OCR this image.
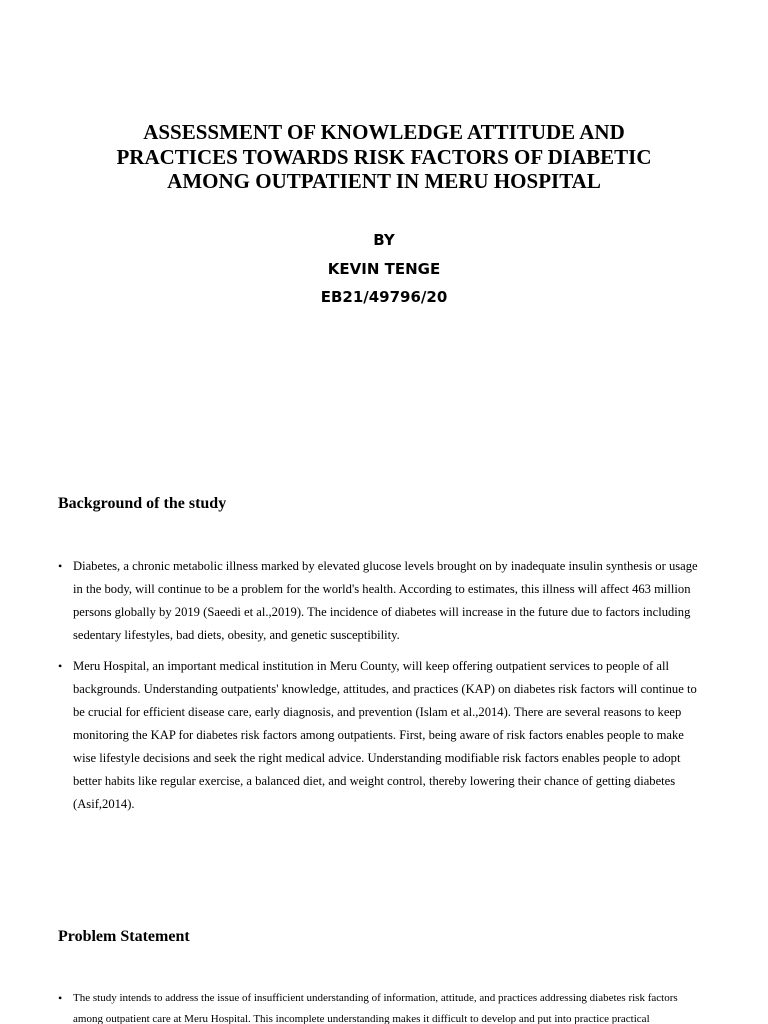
ASSESSMENT OF KNOWLEDGE ATTITUDE AND PRACTICES TOWARDS RISK FACTORS OF DIABETIC AMONG OUTPATIENT IN MERU HOSPITAL

BY

KEVIN TENGE

EB21/49796/20

Background of the study
• Diabetes, a chronic metabolic illness marked by elevated glucose levels brought on by inadequate insulin synthesis or usage in the body, will continue to be a problem for the world's health. According to estimates, this illness will affect 463 million persons globally by 2019 (Saeedi et al.,2019). The incidence of diabetes will increase in the future due to factors including sedentary lifestyles, bad diets, obesity, and genetic susceptibility.
• Meru Hospital, an important medical institution in Meru County, will keep offering outpatient services to people of all backgrounds. Understanding outpatients' knowledge, attitudes, and practices (KAP) on diabetes risk factors will continue to be crucial for efficient disease care, early diagnosis, and prevention (Islam et al.,2014). There are several reasons to keep monitoring the KAP for diabetes risk factors among outpatients. First, being aware of risk factors enables people to make wise lifestyle decisions and seek the right medical advice. Understanding modifiable risk factors enables people to adopt better habits like regular exercise, a balanced diet, and weight control, thereby lowering their chance of getting diabetes (Asif,2014).
Problem Statement
• The study intends to address the issue of insufficient understanding of information, attitude, and practices addressing diabetes risk factors among outpatient care at Meru Hospital. This incomplete understanding makes it difficult to develop and put into practice practical
